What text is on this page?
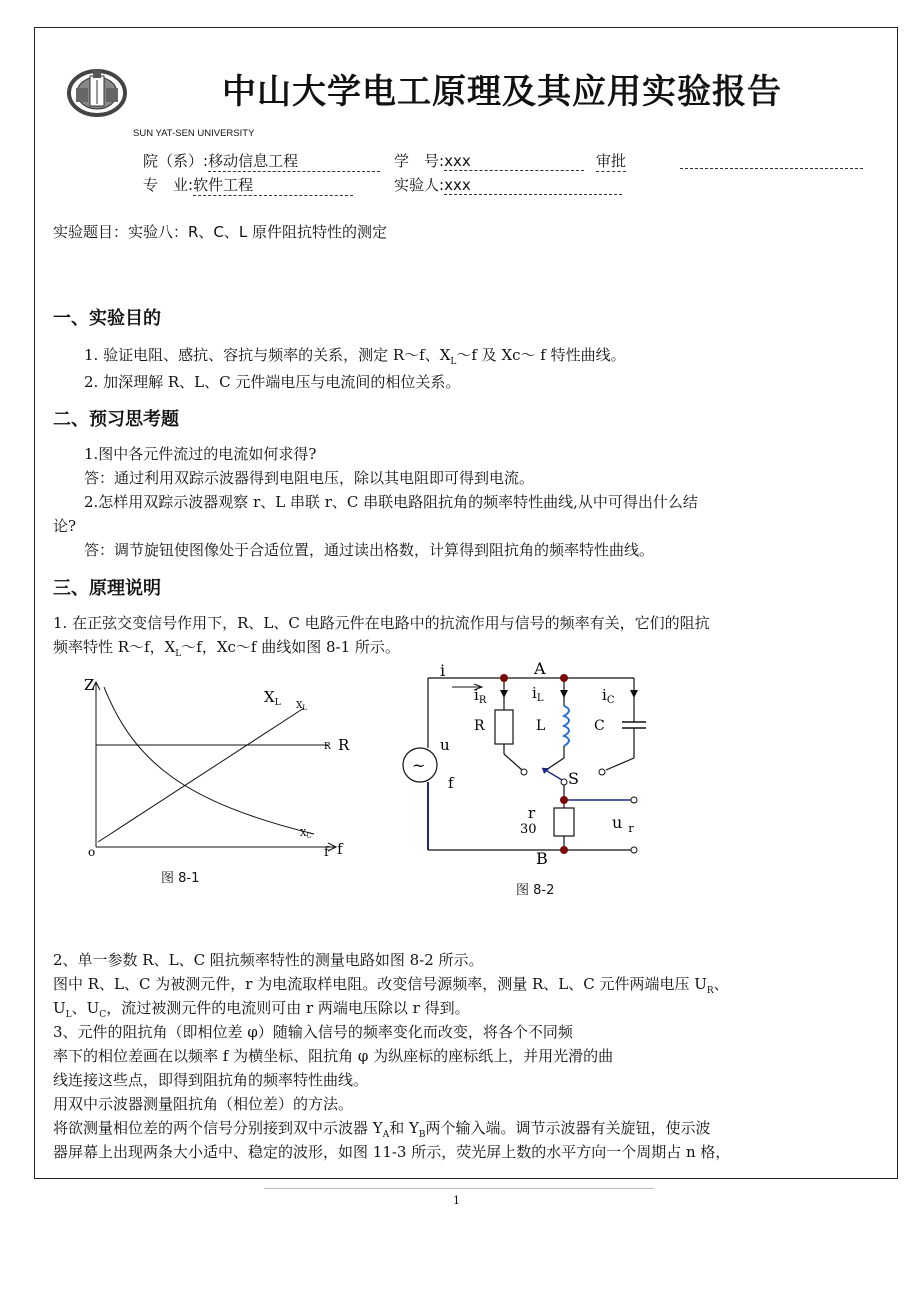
中山大学电工原理及其应用实验报告
SUN YAT-SEN UNIVERSITY
院（系）:移动信息工程	学　号:xxx	审批
专　业:软件工程	实验人:xxx
实验题目：实验八：R、C、L 原件阻抗特性的测定
一、实验目的
1. 验证电阻、感抗、容抗与频率的关系，测定 R～f、$X_L\sim f$ 及 Xc～ f 特性曲线。
2. 加深理解 R、L、C 元件端电压与电流间的相位关系。
二、预习思考题
1.图中各元件流过的电流如何求得?
答：通过利用双踪示波器得到电阻电压，除以其电阻即可得到电流。
2.怎样用双踪示波器观察 r、L 串联 r、C 串联电路阻抗角的频率特性曲线,从中可得出什么结
论?
答：调节旋钮使图像处于合适位置，通过读出格数，计算得到阻抗角的频率特性曲线。
三、原理说明
1. 在正弦交变信号作用下，R、L、C 电路元件在电路中的抗流作用与信号的频率有关，它们的阻抗
频率特性 R～f，$X_L\sim f$，Xc～f 曲线如图 8-1 所示。
Z
o	f f
$X_L$ $X_L$
R R
$X_C$
图 8-1
~
i	A
$i_R$	$i_L$	$i_C$
R	L	C
u
f	S
r
30	u $_r$
B
图 8-2
2、单一参数 R、L、C 阻抗频率特性的测量电路如图 8-2 所示。
图中 R、L、C 为被测元件，r 为电流取样电阻。改变信号源频率，测量 R、L、C 元件两端电压 $U_R$、
$U_L$、$U_C$，流过被测元件的电流则可由 r 两端电压除以 r 得到。
3、元件的阻抗角（即相位差 φ）随输入信号的频率变化而改变，将各个不同频
率下的相位差画在以频率 f 为横坐标、阻抗角 φ 为纵座标的座标纸上，并用光滑的曲
线连接这些点，即得到阻抗角的频率特性曲线。
用双中示波器测量阻抗角（相位差）的方法。
将欲测量相位差的两个信号分别接到双中示波器 $Y_A$和 $Y_B$两个输入端。调节示波器有关旋钮，使示波
器屏幕上出现两条大小适中、稳定的波形，如图 11-3 所示，荧光屏上数的水平方向一个周期占 n 格，
1
